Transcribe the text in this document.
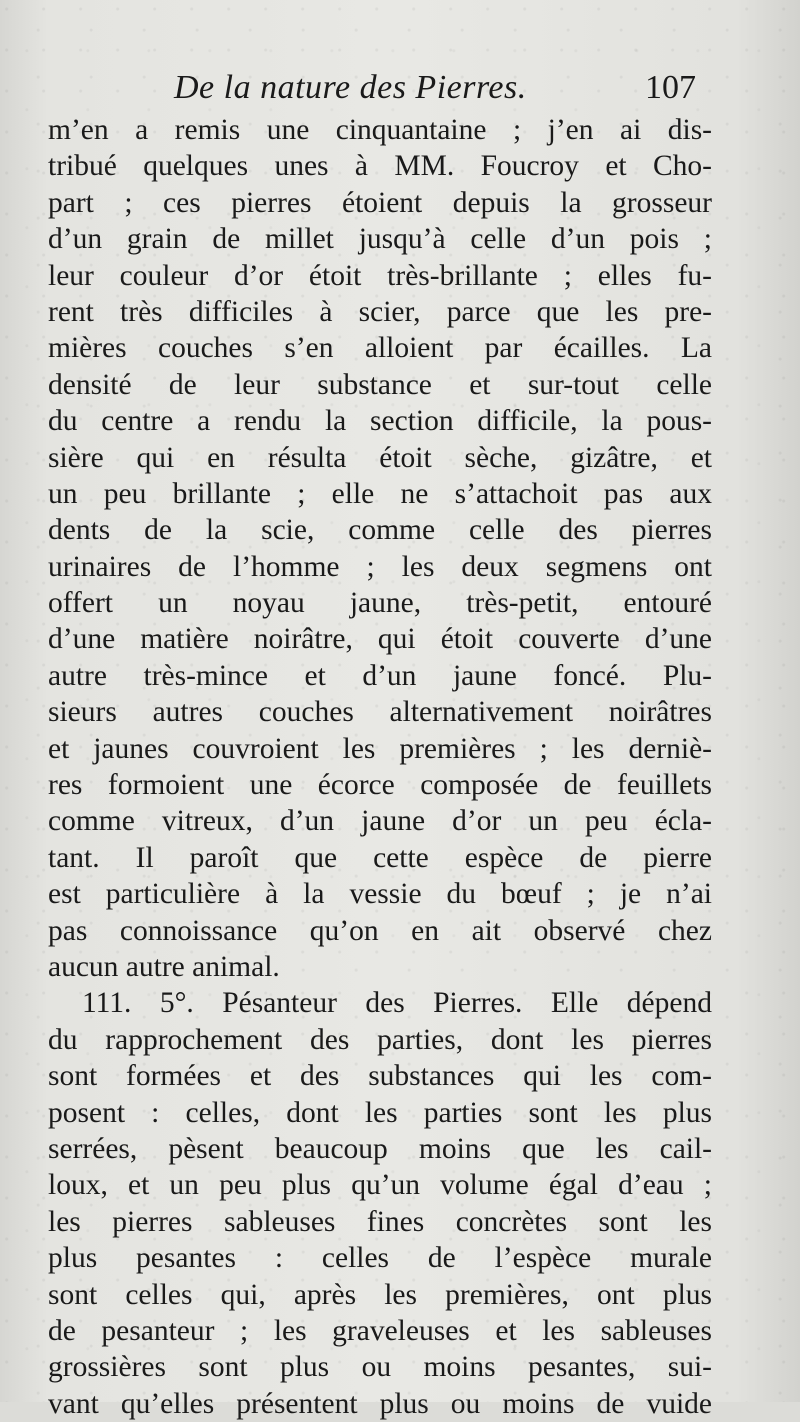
De la nature des Pierres.	107
m’en a remis une cinquantaine ; j’en ai dis-
tribué quelques unes à MM. Foucroy et Cho-
part ; ces pierres étoient depuis la grosseur
d’un grain de millet jusqu’à celle d’un pois ;
leur couleur d’or étoit très-brillante ; elles fu-
rent très difficiles à scier, parce que les pre-
mières couches s’en alloient par écailles. La
densité de leur substance et sur-tout celle
du centre a rendu la section difficile, la pous-
sière qui en résulta étoit sèche, gizâtre, et
un peu brillante ; elle ne s’attachoit pas aux
dents de la scie, comme celle des pierres
urinaires de l’homme ; les deux segmens ont
offert un noyau jaune, très-petit, entouré
d’une matière noirâtre, qui étoit couverte d’une
autre très-mince et d’un jaune foncé. Plu-
sieurs autres couches alternativement noirâtres
et jaunes couvroient les premières ; les derniè-
res formoient une écorce composée de feuillets
comme vitreux, d’un jaune d’or un peu écla-
tant. Il paroît que cette espèce de pierre
est particulière à la vessie du bœuf ; je n’ai
pas connoissance qu’on en ait observé chez
aucun autre animal.
111. 5°. Pésanteur des Pierres. Elle dépend
du rapprochement des parties, dont les pierres
sont formées et des substances qui les com-
posent : celles, dont les parties sont les plus
serrées, pèsent beaucoup moins que les cail-
loux, et un peu plus qu’un volume égal d’eau ;
les pierres sableuses fines concrètes sont les
plus pesantes : celles de l’espèce murale
sont celles qui, après les premières, ont plus
de pesanteur ; les graveleuses et les sableuses
grossières sont plus ou moins pesantes, sui-
vant qu’elles présentent plus ou moins de vuide
